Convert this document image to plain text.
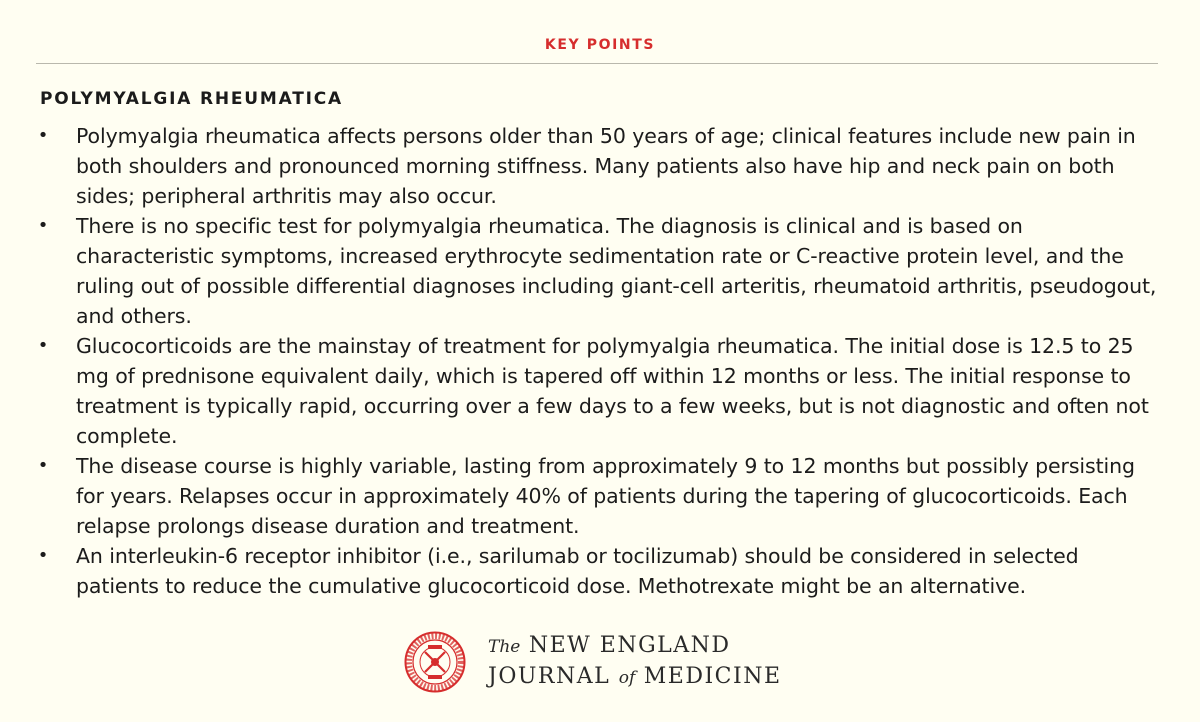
KEY POINTS
POLYMYALGIA RHEUMATICA
• Polymyalgia rheumatica affects persons older than 50 years of age; clinical features include new pain in both shoulders and pronounced morning stiffness. Many patients also have hip and neck pain on both sides; peripheral arthritis may also occur.
• There is no specific test for polymyalgia rheumatica. The diagnosis is clinical and is based on characteristic symptoms, increased erythrocyte sedimentation rate or C-reactive protein level, and the ruling out of possible differential diagnoses including giant-cell arteritis, rheumatoid arthritis, pseudogout, and others.
• Glucocorticoids are the mainstay of treatment for polymyalgia rheumatica. The initial dose is 12.5 to 25 mg of prednisone equivalent daily, which is tapered off within 12 months or less. The initial response to treatment is typically rapid, occurring over a few days to a few weeks, but is not diagnostic and often not complete.
• The disease course is highly variable, lasting from approximately 9 to 12 months but possibly persisting for years. Relapses occur in approximately 40% of patients during the tapering of glucocorticoids. Each relapse prolongs disease duration and treatment.
• An interleukin-6 receptor inhibitor (i.e., sarilumab or tocilizumab) should be considered in selected patients to reduce the cumulative glucocorticoid dose. Methotrexate might be an alternative.
The NEW ENGLAND
JOURNAL of MEDICINE
